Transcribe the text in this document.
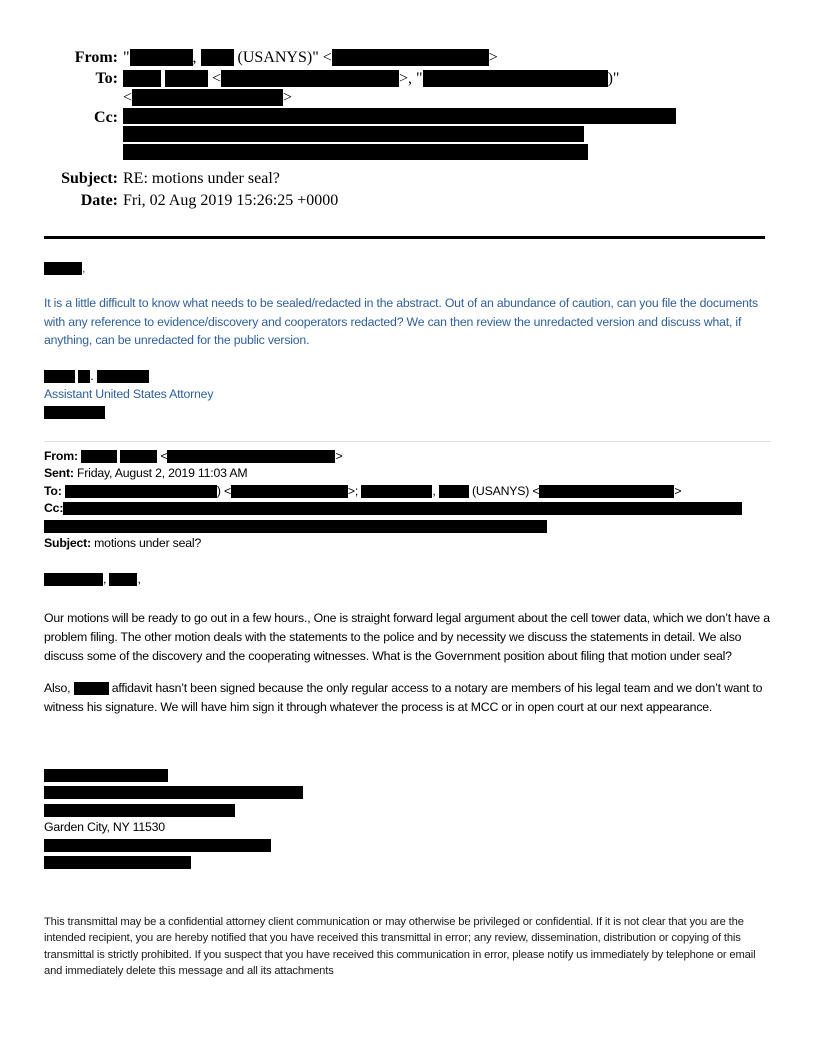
From: "	,  (USANYS)" <	>
To:	<	>, "	)"
<	>
Cc:
Subject: RE: motions under seal?
Date: Fri, 02 Aug 2019 15:26:25 +0000
,
It is a little difficult to know what needs to be sealed/redacted in the abstract. Out of an abundance of caution, can you file the documents with any reference to evidence/discovery and cooperators redacted? We can then review the unredacted version and discuss what, if anything, can be unredacted for the public version.
.
Assistant United States Attorney
From:	<	>
Sent: Friday, August 2, 2019 11:03 AM
To:	) <	>;	,  (USANYS) <	>
Cc:
Subject: motions under seal?
, ,
Our motions will be ready to go out in a few hours., One is straight forward legal argument about the cell tower data, which we don’t have a problem filing. The other motion deals with the statements to the police and by necessity we discuss the statements in detail. We also discuss some of the discovery and the cooperating witnesses. What is the Government position about filing that motion under seal?
Also,	affidavit hasn’t been signed because the only regular access to a notary are members of his legal team and we don’t want to witness his signature. We will have him sign it through whatever the process is at MCC or in open court at our next appearance.
Garden City, NY 11530
This transmittal may be a confidential attorney client communication or may otherwise be privileged or confidential. If it is not clear that you are the intended recipient, you are hereby notified that you have received this transmittal in error; any review, dissemination, distribution or copying of this transmittal is strictly prohibited. If you suspect that you have received this communication in error, please notify us immediately by telephone or email and immediately delete this message and all its attachments
